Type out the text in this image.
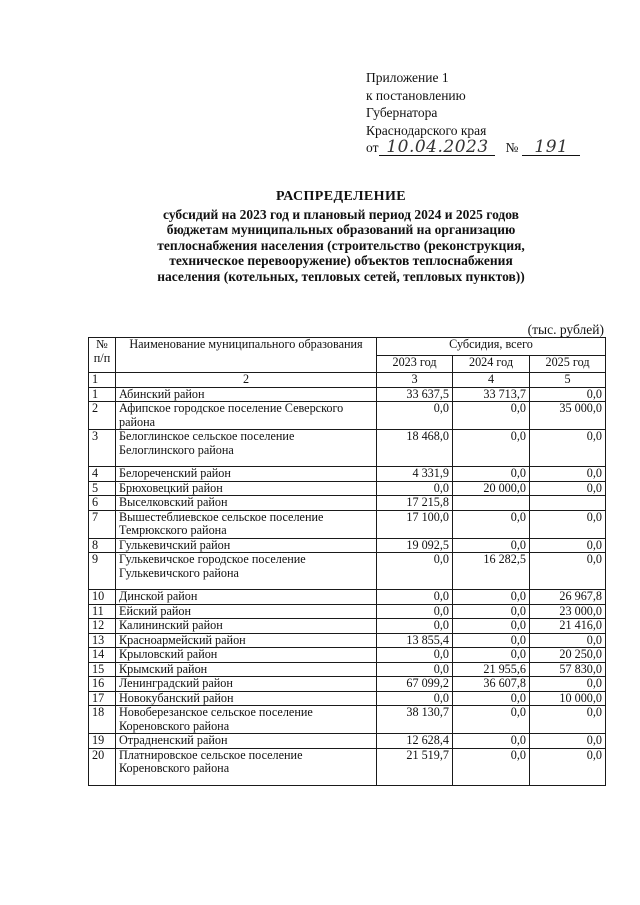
Приложение 1
к постановлению
Губернатора
Краснодарского края
от 10.04.2023 № 191
РАСПРЕДЕЛЕНИЕ
субсидий на 2023 год и плановый период 2024 и 2025 годов
бюджетам муниципальных образований на организацию
теплоснабжения населения (строительство (реконструкция,
техническое перевооружение) объектов теплоснабжения
населения (котельных, тепловых сетей, тепловых пунктов))
(тыс. рублей)
№ п/п	Наименование муниципального образования	Субсидия, всего		
		2023 год	2024 год	2025 год
1	2	3	4	5
1	Абинский район	33 637,5	33 713,7	0,0
2	Афипское городское поселение Северского района	0,0	0,0	35 000,0
3	Белоглинское сельское поселение Белоглинского района	18 468,0	0,0	0,0
4	Белореченский район	4 331,9	0,0	0,0
5	Брюховецкий район	0,0	20 000,0	0,0
6	Выселковский район	17 215,8		
7	Вышестеблиевское сельское поселение Темрюкского района	17 100,0	0,0	0,0
8	Гулькевичский район	19 092,5	0,0	0,0
9	Гулькевичское городское поселение Гулькевичского района	0,0	16 282,5	0,0
10	Динской район	0,0	0,0	26 967,8
11	Ейский район	0,0	0,0	23 000,0
12	Калининский район	0,0	0,0	21 416,0
13	Красноармейский район	13 855,4	0,0	0,0
14	Крыловский район	0,0	0,0	20 250,0
15	Крымский район	0,0	21 955,6	57 830,0
16	Ленинградский район	67 099,2	36 607,8	0,0
17	Новокубанский район	0,0	0,0	10 000,0
18	Новоберезанское сельское поселение Кореновского района	38 130,7	0,0	0,0
19	Отрадненский район	12 628,4	0,0	0,0
20	Платнировское сельское поселение Кореновского района	21 519,7	0,0	0,0
